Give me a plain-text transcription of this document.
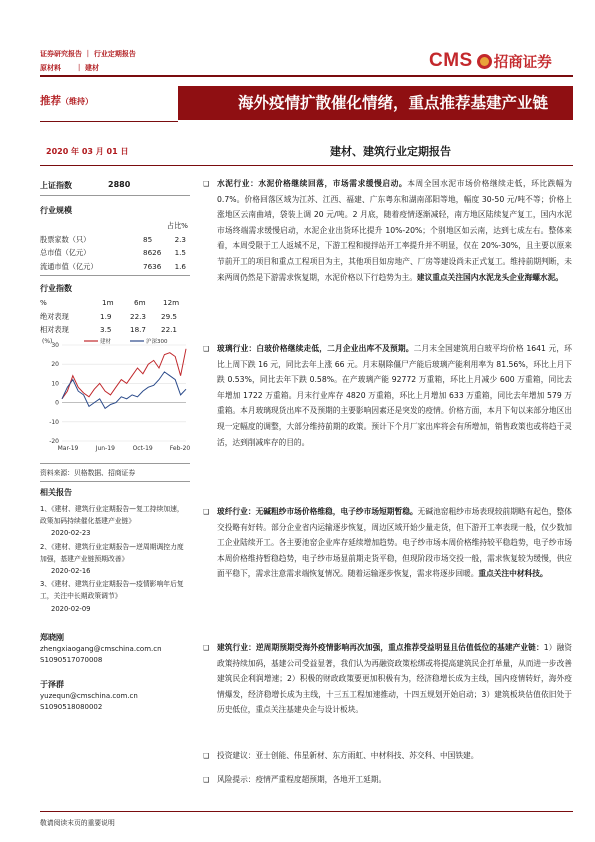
证券研究报告 ｜ 行业定期报告
原材料      ｜ 建材	CMS 招商证券
推荐（维持）	海外疫情扩散催化情绪，重点推荐基建产业链
2020 年 03 月 01 日	建材、建筑行业定期报告
上证指数	2880
行业规模
占比%
股票家数（只）	85	2.3
总市值（亿元）	8626 1.5
流通市值（亿元）	7636 1.6
行业指数
%	1m	6m 12m
绝对表现	1.9	22.3 29.5
相对表现	3.5	18.7 22.1
(%)
30
20
10
0
-10
-20
Mar-19	Jun-19	Oct-19	Feb-20
建材	沪深300
资料来源：贝格数据、招商证券
相关报告
1、《建材、建筑行业定期报告—复工持续加速，政策加码持续催化基建产业链》
2020-02-23
2、《建材、建筑行业定期报告—逆周期调控力度加强，基建产业链预期改善》
2020-02-16
3、《建材、建筑行业定期报告—疫情影响年后复工，关注中长期政策调节》
2020-02-09
郑晓刚
zhengxiaogang@cmschina.com.cn
S1090517070008
于泽群
yuzequn@cmschina.com.cn
S1090518080002
❑ 水泥行业：水泥价格继续回落，市场需求缓慢启动。本周全国水泥市场价格继续走低，环比跌幅为 0.7%。价格回落区域为江苏、江西、福建、广东粤东和湖南邵阳等地，幅度 30-50 元/吨不等；价格上涨地区云南曲靖，袋装上调 20 元/吨。2 月底，随着疫情逐渐减轻，南方地区陆续复产复工，国内水泥市场终端需求缓慢启动，水泥企业出货环比提升 10%-20%；个别地区如云南，达到七成左右。整体来看，本周受限于工人返城不足，下游工程和搅拌站开工率提升并不明显，仅在 20%-30%，且主要以原来节前开工的项目和重点工程项目为主，其他项目如房地产、厂房等建设尚未正式复工。维持前期判断，未来两周仍然是下游需求恢复期，水泥价格以下行趋势为主。建议重点关注国内水泥龙头企业海螺水泥。
❑ 玻璃行业：白玻价格继续走低，二月企业出库不及预期。二月末全国建筑用白玻平均价格 1641 元，环比上周下跌 16 元，同比去年上涨 66 元。月末剔除僵尸产能后玻璃产能利用率为 81.56%，环比上月下跌 0.53%，同比去年下跌 0.58%。在产玻璃产能 92772 万重箱，环比上月减少 600 万重箱，同比去年增加 1722 万重箱。月末行业库存 4820 万重箱，环比上月增加 633 万重箱，同比去年增加 579 万重箱。本月玻璃现货出库不及预期的主要影响因素还是突发的疫情。价格方面，本月下旬以来部分地区出现一定幅度的调整，大部分维持前期的政策。预计下个月厂家出库将会有所增加，销售政策也或将趋于灵活，达到削减库存的目的。
❑ 玻纤行业：无碱粗纱市场价格维稳，电子纱市场短期暂稳。无碱池窑粗纱市场表现较前期略有起色，整体交投略有好转。部分企业省内运输逐步恢复，周边区域开始少量走货，但下游开工率表现一般，仅少数加工企业陆续开工。各主要池窑企业库存延续增加趋势。电子纱市场本周价格维持较平稳趋势，电子纱市场本周价格维持暂稳趋势，电子纱市场显前期走货平稳，但现阶段市场交投一般，需求恢复较为缓慢，供应面平稳下，需求注意需求端恢复情况。随着运输逐步恢复，需求将逐步回暖。重点关注中材科技。
❑ 建筑行业：逆周期预期受海外疫情影响再次加强，重点推荐受益明显且估值低位的基建产业链：1）融资政策持续加码，基建公司受益显著，我们认为再融资政策松绑或将提高建筑民企打单量，从而进一步改善建筑民企利润增速；2）积极的财政政策要更加积极有为，经济稳增长成为主线，国内疫情转好，海外疫情爆发，经济稳增长成为主线，十三五工程加速推动，十四五规划开始启动；3）建筑板块估值依旧处于历史低位，重点关注基建央企与设计板块。
❑ 投资建议：亚士创能、伟星新材、东方雨虹、中材科技、苏交科、中国铁建。
❑ 风险提示：疫情严重程度超预期，各地开工延期。
敬请阅读末页的重要说明
